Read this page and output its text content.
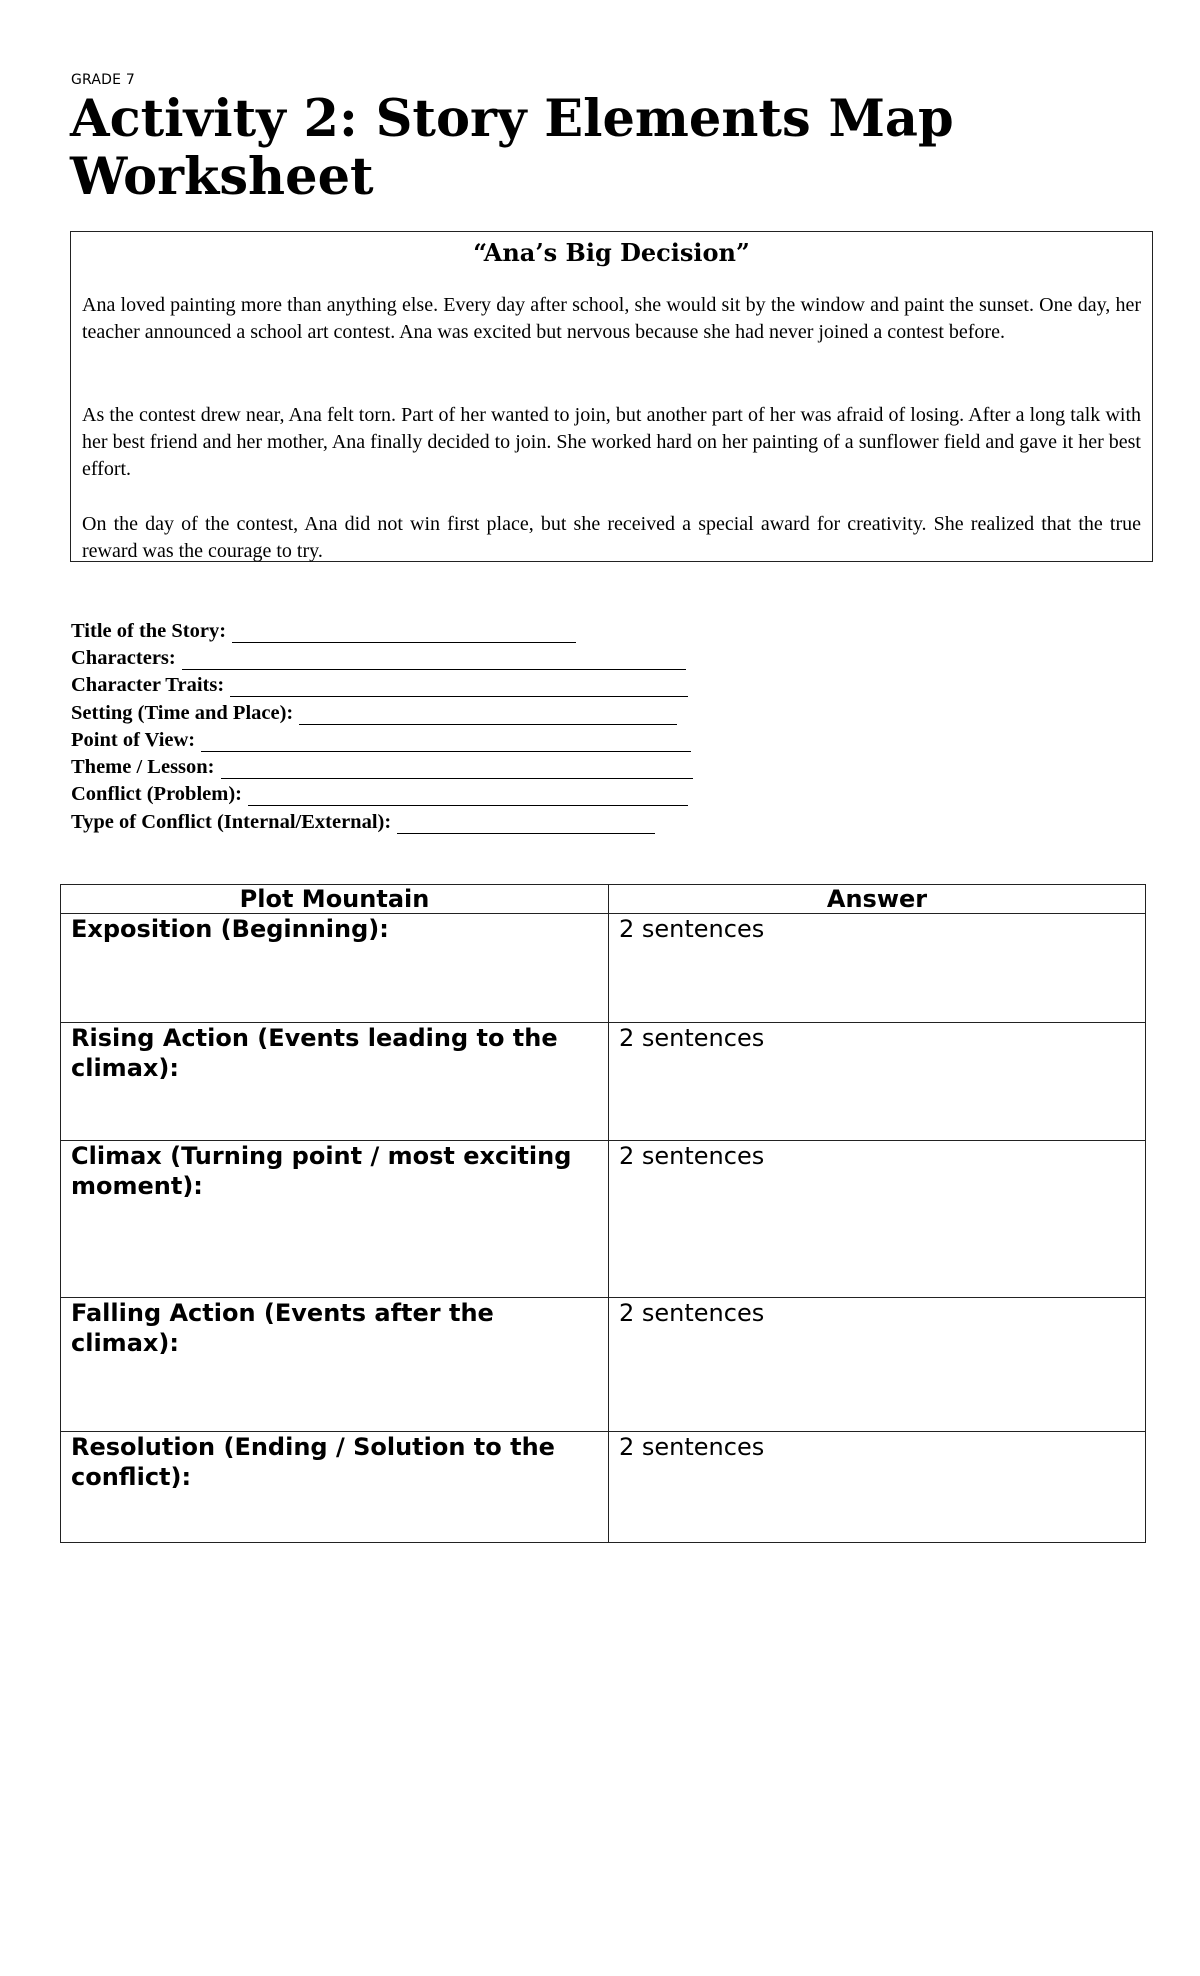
GRADE 7
Activity 2: Story Elements Map Worksheet
“Ana’s Big Decision”
Ana loved painting more than anything else. Every day after school, she would sit by the window and paint the sunset. One day, her teacher announced a school art contest. Ana was excited but nervous because she had never joined a contest before.
As the contest drew near, Ana felt torn. Part of her wanted to join, but another part of her was afraid of losing. After a long talk with her best friend and her mother, Ana finally decided to join. She worked hard on her painting of a sunflower field and gave it her best effort.
On the day of the contest, Ana did not win first place, but she received a special award for creativity. She realized that the true reward was the courage to try.
Title of the Story:
Characters:
Character Traits:
Setting (Time and Place):
Point of View:
Theme / Lesson:
Conflict (Problem):
Type of Conflict (Internal/External):
Plot Mountain	Answer
Exposition (Beginning):	2 sentences
Rising Action (Events leading to the climax):	2 sentences
Climax (Turning point / most exciting moment):	2 sentences
Falling Action (Events after the climax):	2 sentences
Resolution (Ending / Solution to the conflict):	2 sentences
